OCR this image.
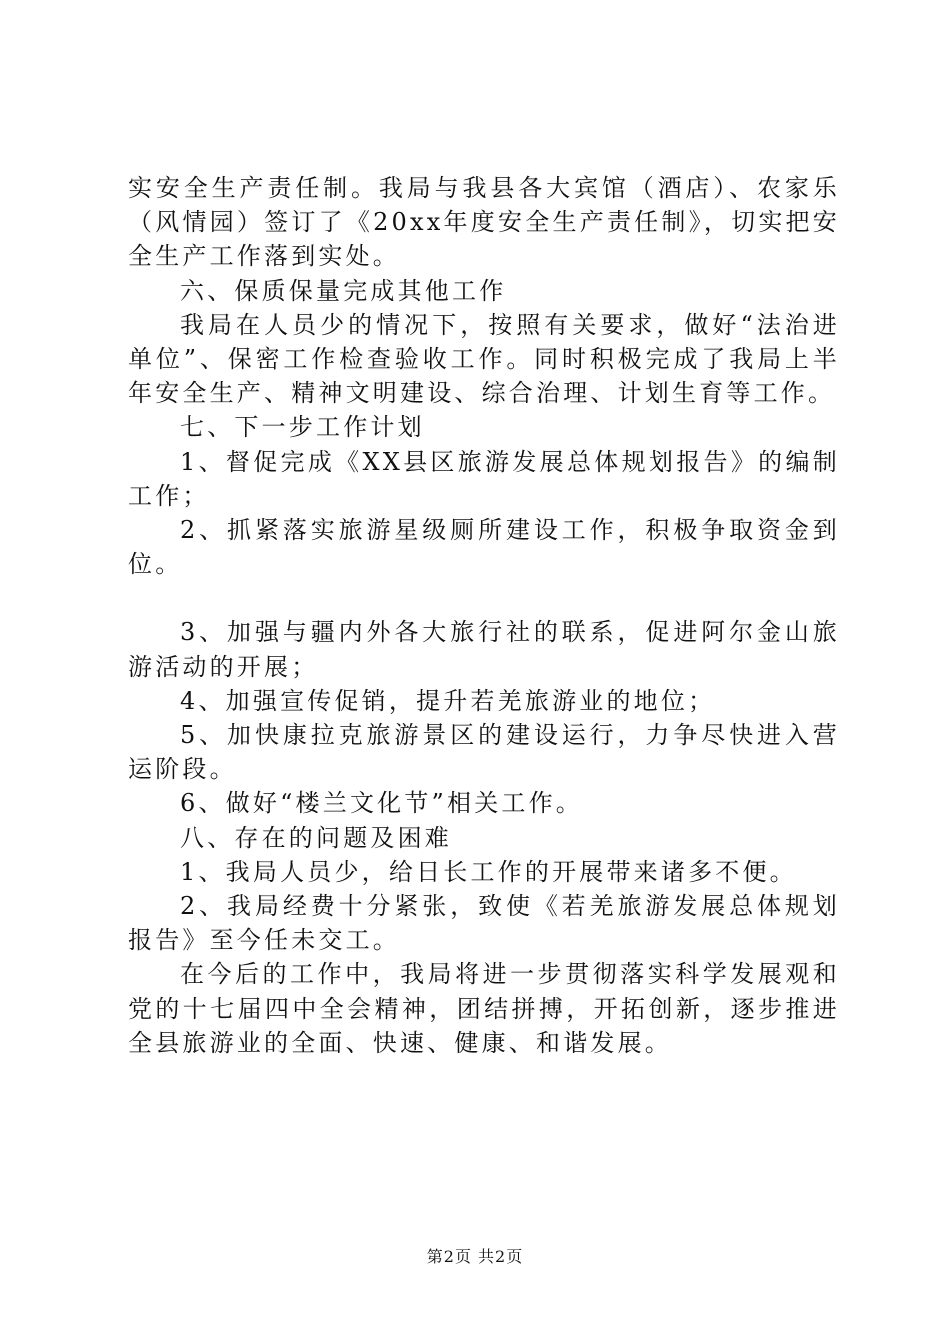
实安全生产责任制。我局与我县各大宾馆（酒店）、农家乐（风情园）签订了《20xx年度安全生产责任制》，切实把安全生产工作落到实处。

六、保质保量完成其他工作

我局在人员少的情况下，按照有关要求，做好“法治进单位”、保密工作检查验收工作。同时积极完成了我局上半年安全生产、精神文明建设、综合治理、计划生育等工作。

七、下一步工作计划

1、督促完成《XX县区旅游发展总体规划报告》的编制工作；

2、抓紧落实旅游星级厕所建设工作，积极争取资金到位。

3、加强与疆内外各大旅行社的联系，促进阿尔金山旅游活动的开展；

4、加强宣传促销，提升若羌旅游业的地位；

5、加快康拉克旅游景区的建设运行，力争尽快进入营运阶段。

6、做好“楼兰文化节”相关工作。

八、存在的问题及困难

1、我局人员少，给日长工作的开展带来诸多不便。

2、我局经费十分紧张，致使《若羌旅游发展总体规划报告》至今任未交工。

在今后的工作中，我局将进一步贯彻落实科学发展观和党的十七届四中全会精神，团结拼搏，开拓创新，逐步推进全县旅游业的全面、快速、健康、和谐发展。

第2页 共2页
